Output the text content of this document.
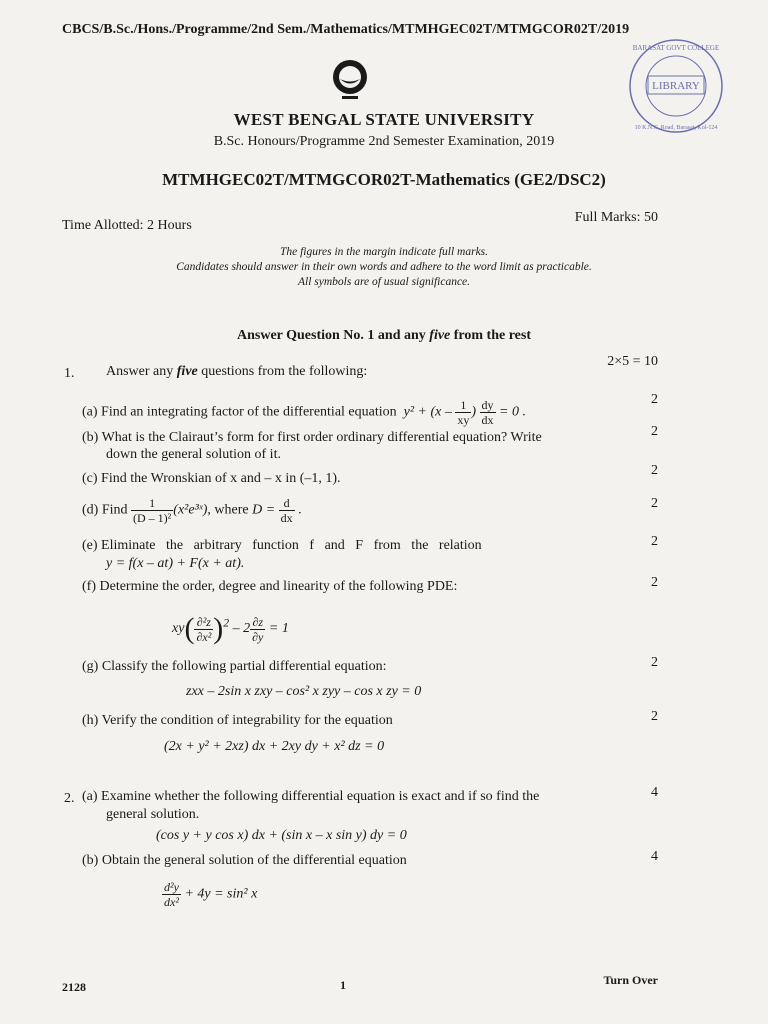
CBCS/B.Sc./Hons./Programme/2nd Sem./Mathematics/MTMHGEC02T/MTMGCOR02T/2019
LIBRARY
BARASAT GOVT COLLEGE
10 K.N.C. Road, Barasat, Kol-124
WEST BENGAL STATE UNIVERSITY
B.Sc. Honours/Programme 2nd Semester Examination, 2019
MTMHGEC02T/MTMGCOR02T-Mathematics (GE2/DSC2)
Time Allotted: 2 Hours
Full Marks: 50
The figures in the margin indicate full marks.
Candidates should answer in their own words and adhere to the word limit as practicable.
All symbols are of usual significance.
Answer Question No. 1 and any five from the rest
1. Answer any five questions from the following:
2×5 = 10
(a) Find an integrating factor of the differential equation  $y^2 + (x - \frac{1}{xy}$ ) $\frac{dy}{dx} = 0$ .
2
(b) What is the Clairaut’s form for first order ordinary differential equation? Write
down the general solution of it.
2
(c) Find the Wronskian of x and – x in (–1, 1).
2
(d) Find $\frac{1}{\text{(D – 1)²}}$ (x²e³ˣ), where $D = \frac{d}{dx}$ .	2
(e) Eliminate   the   arbitrary   function   f   and   F   from   the   relation
y = f(x – at) + F(x + at).
2
(f) Determine the order, degree and linearity of the following PDE:
$xy( \frac{\text{∂²z}}{\text{∂x²}} )^2 - 2 \frac{\partial z}{\partial y} = 1$
2
(g) Classify the following partial differential equation:
zxx – 2sin x zxy – cos² x zyy – cos x zy = 0
2
(h) Verify the condition of integrability for the equation
(2x + y² + 2xz) dx + 2xy dy + x² dz = 0
2
2. (a) Examine whether the following differential equation is exact and if so find the
general solution.
(cos y + y cos x) dx + (sin x – x sin y) dy = 0
4
(b) Obtain the general solution of the differential equation
$\frac{\text{d²y}}{\text{dx²}} + 4y = \sin^2$ x
4
2128	1	Turn Over
